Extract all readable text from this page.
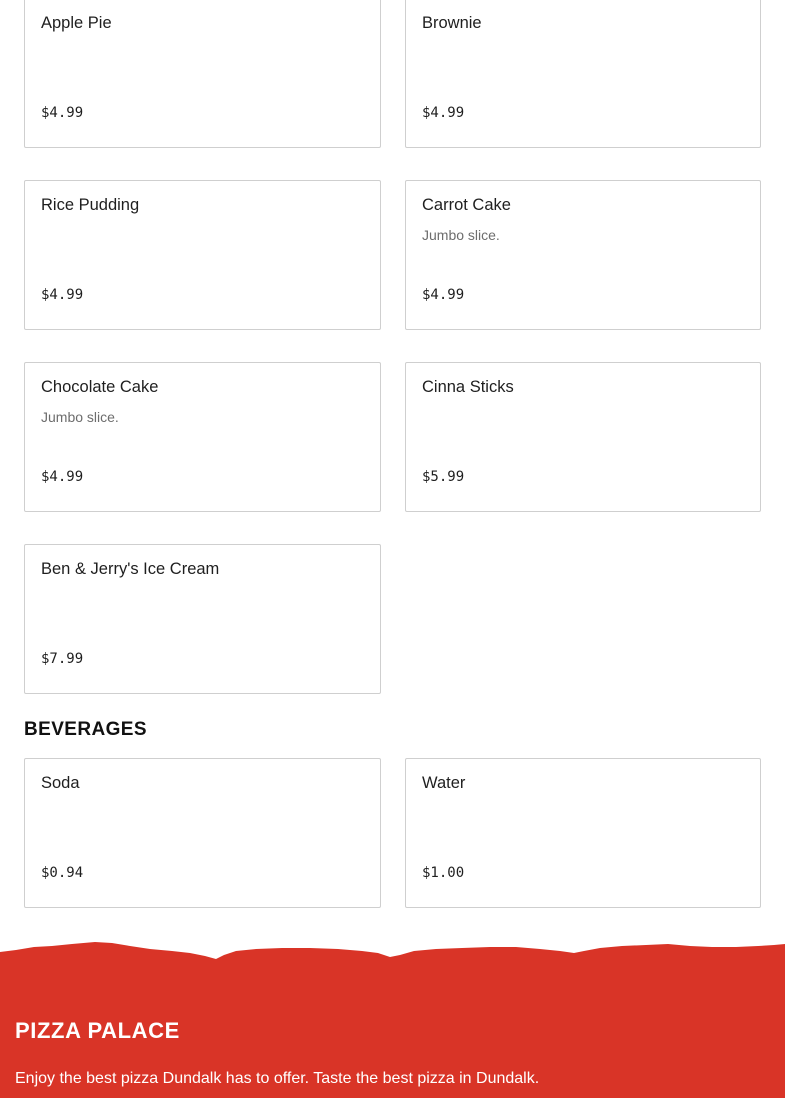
Apple Pie
$4.99
Brownie
$4.99
Rice Pudding
$4.99
Carrot Cake
Jumbo slice.
$4.99
Chocolate Cake
Jumbo slice.
$4.99
Cinna Sticks
$5.99
Ben & Jerry's Ice Cream
$7.99
BEVERAGES
Soda
$0.94
Water
$1.00
PIZZA PALACE
Enjoy the best pizza Dundalk has to offer. Taste the best pizza in Dundalk.
